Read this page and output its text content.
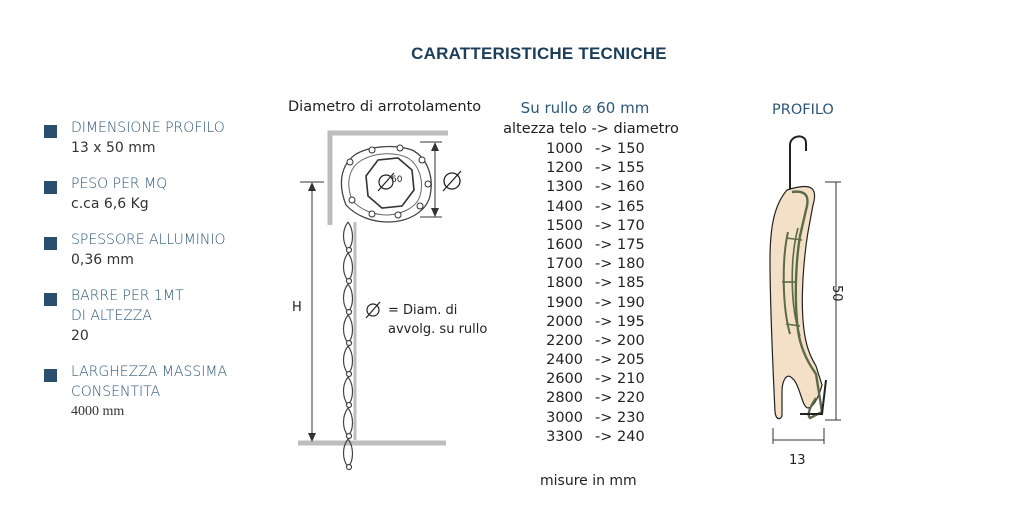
CARATTERISTICHE TECNICHE
DIMENSIONE PROFILO
13 x 50 mm
PESO PER MQ
c.ca 6,6 Kg
SPESSORE ALLUMINIO
0,36 mm
BARRE PER 1MT
DI ALTEZZA
20
LARGHEZZA MASSIMA
CONSENTITA
4000 mm
Diametro di arrotolamento
60
H	= Diam. di
avvolg. su rullo
Su rullo ⌀ 60 mm
altezza telo -> diametro
1000 -> 150
1200 -> 155
1300 -> 160
1400 -> 165
1500 -> 170
1600 -> 175
1700 -> 180
1800 -> 185
1900 -> 190
2000 -> 195
2200 -> 200
2400 -> 205
2600 -> 210
2800 -> 220
3000 -> 230
3300 -> 240
misure in mm
PROFILO
50
13
